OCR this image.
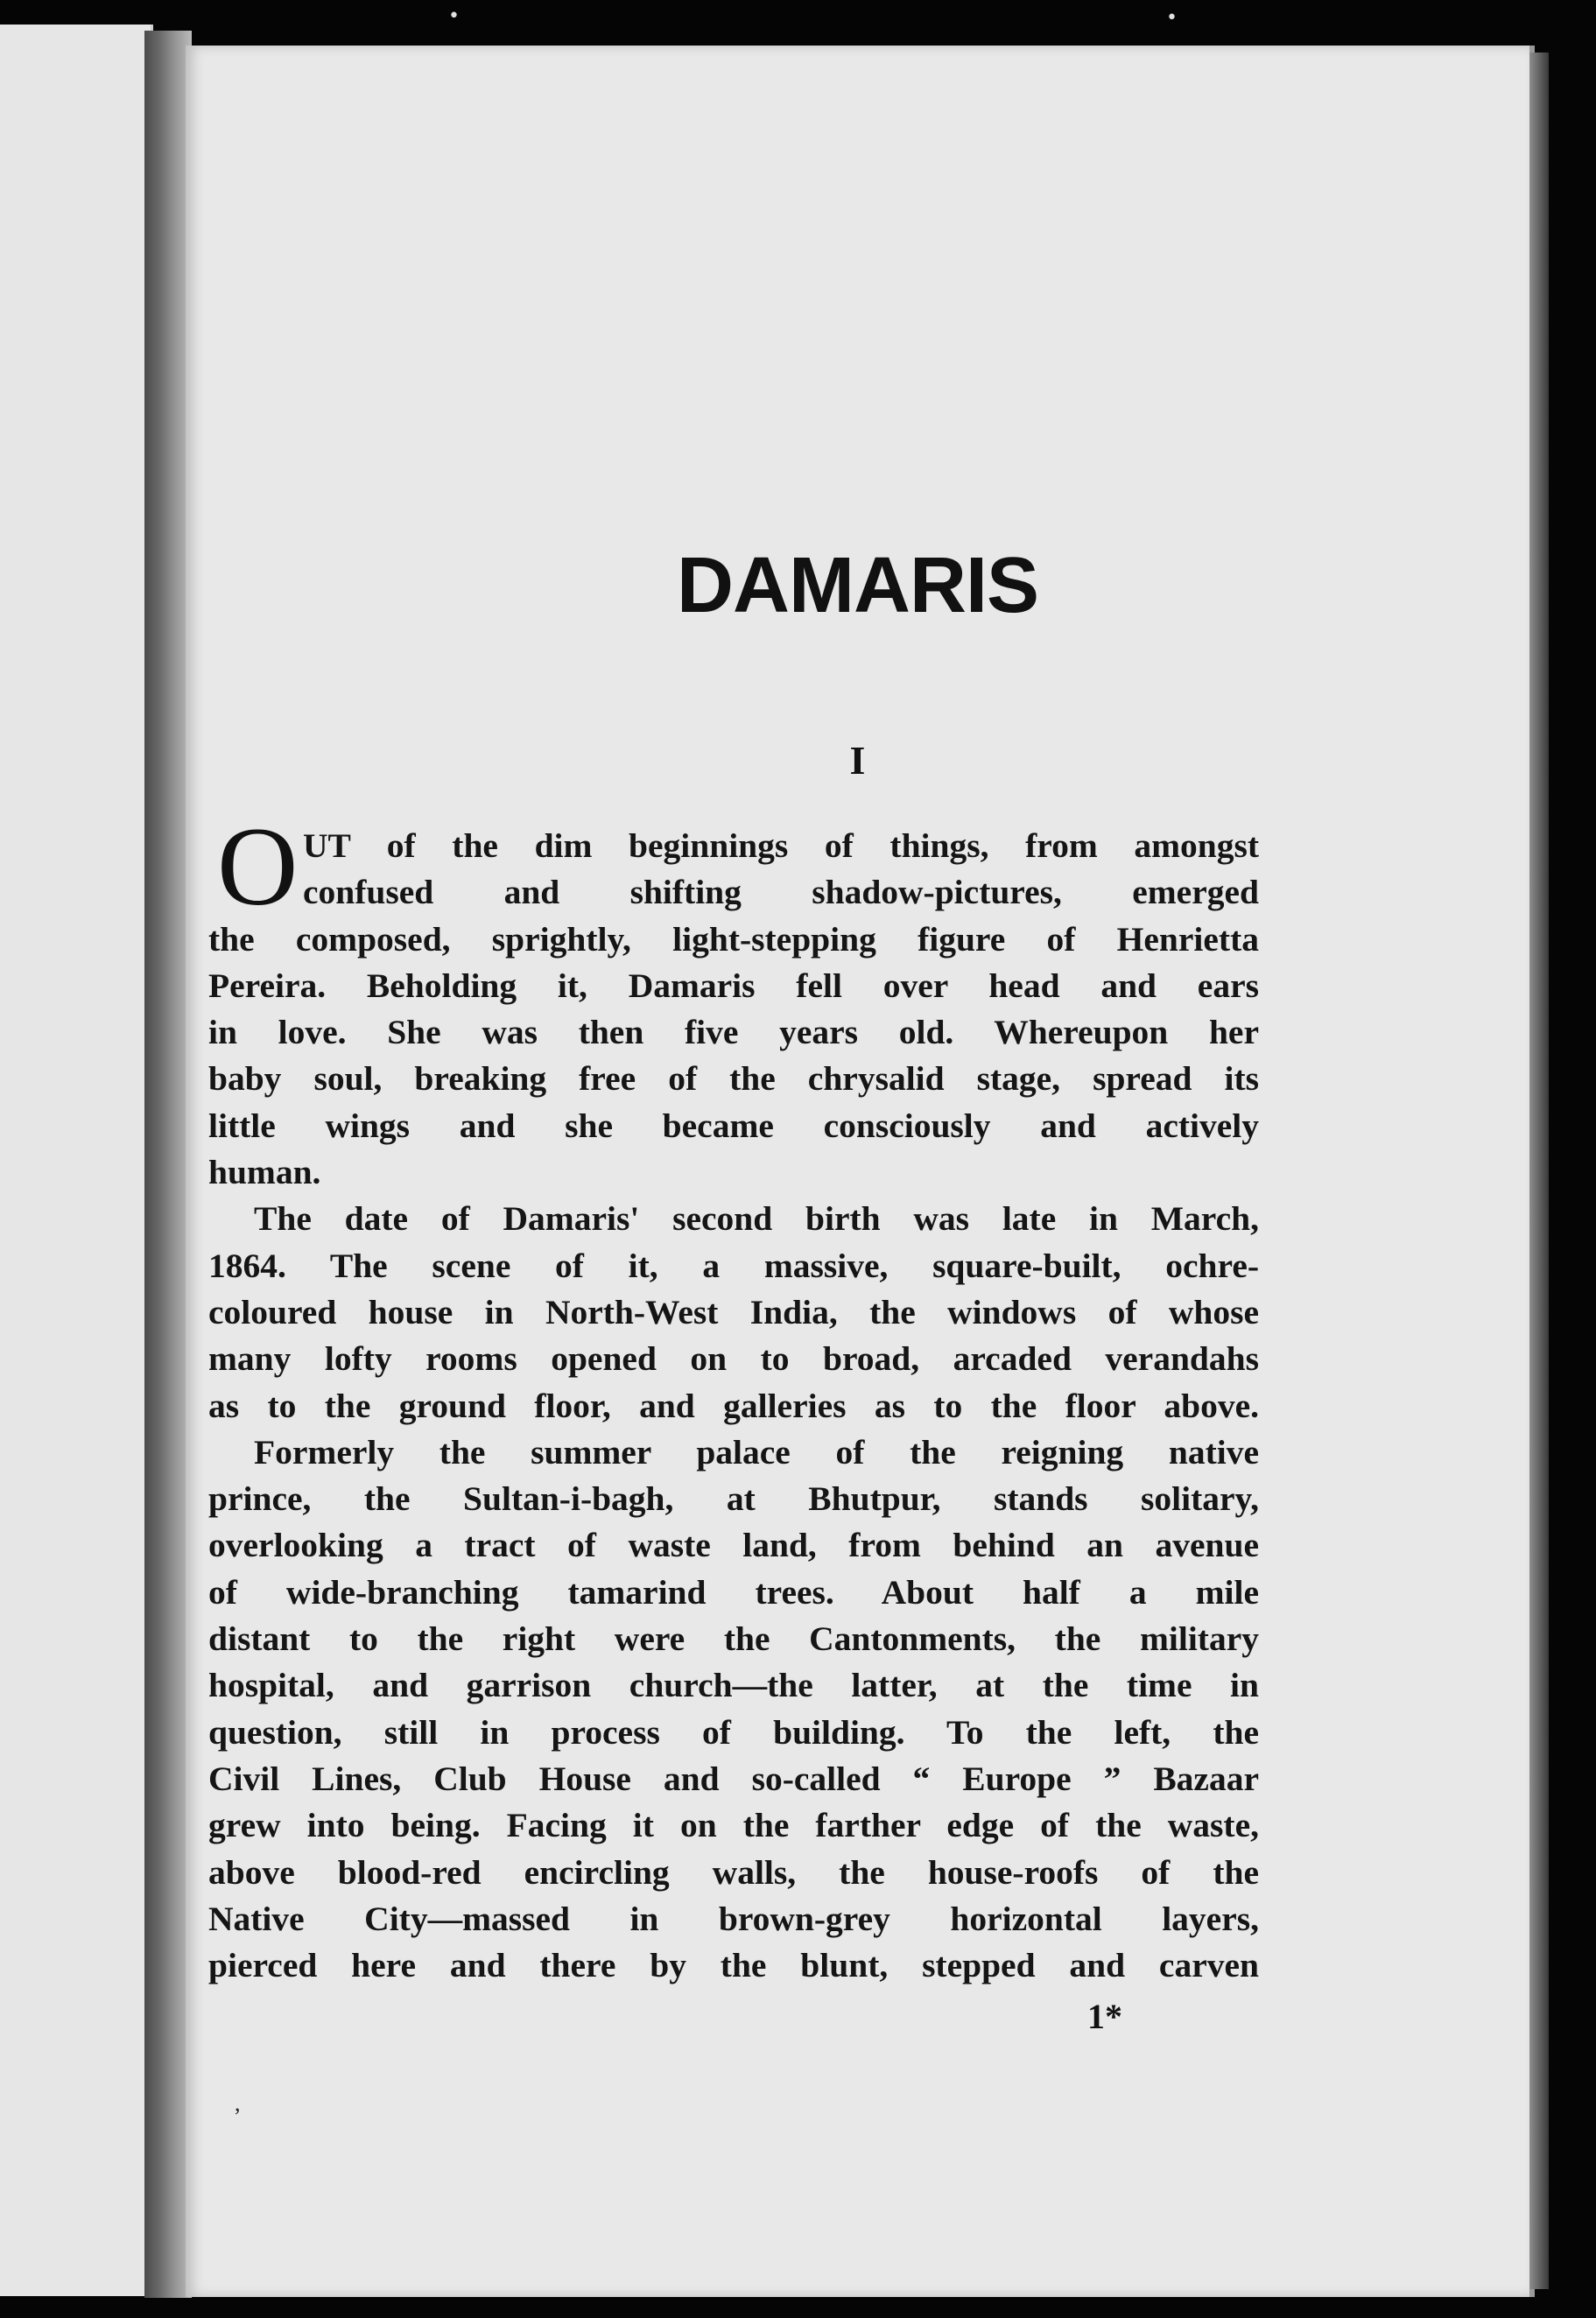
•	•
DAMARIS
I
O UT of the dim beginnings of things, from amongst
confused and shifting shadow-pictures, emerged
the composed, sprightly, light-stepping figure of Henrietta
Pereira. Beholding it, Damaris fell over head and ears
in love. She was then five years old. Whereupon her
baby soul, breaking free of the chrysalid stage, spread its
little wings and she became consciously and actively
human.
The date of Damaris' second birth was late in March,
1864. The scene of it, a massive, square-built, ochre-
coloured house in North-West India, the windows of whose
many lofty rooms opened on to broad, arcaded verandahs
as to the ground floor, and galleries as to the floor above.
Formerly the summer palace of the reigning native
prince, the Sultan-i-bagh, at Bhutpur, stands solitary,
overlooking a tract of waste land, from behind an avenue
of wide-branching tamarind trees. About half a mile
distant to the right were the Cantonments, the military
hospital, and garrison church—the latter, at the time in
question, still in process of building. To the left, the
Civil Lines, Club House and so-called “ Europe ” Bazaar
grew into being. Facing it on the farther edge of the waste,
above blood-red encircling walls, the house-roofs of the
Native City—massed in brown-grey horizontal layers,
pierced here and there by the blunt, stepped and carven
1*
,
